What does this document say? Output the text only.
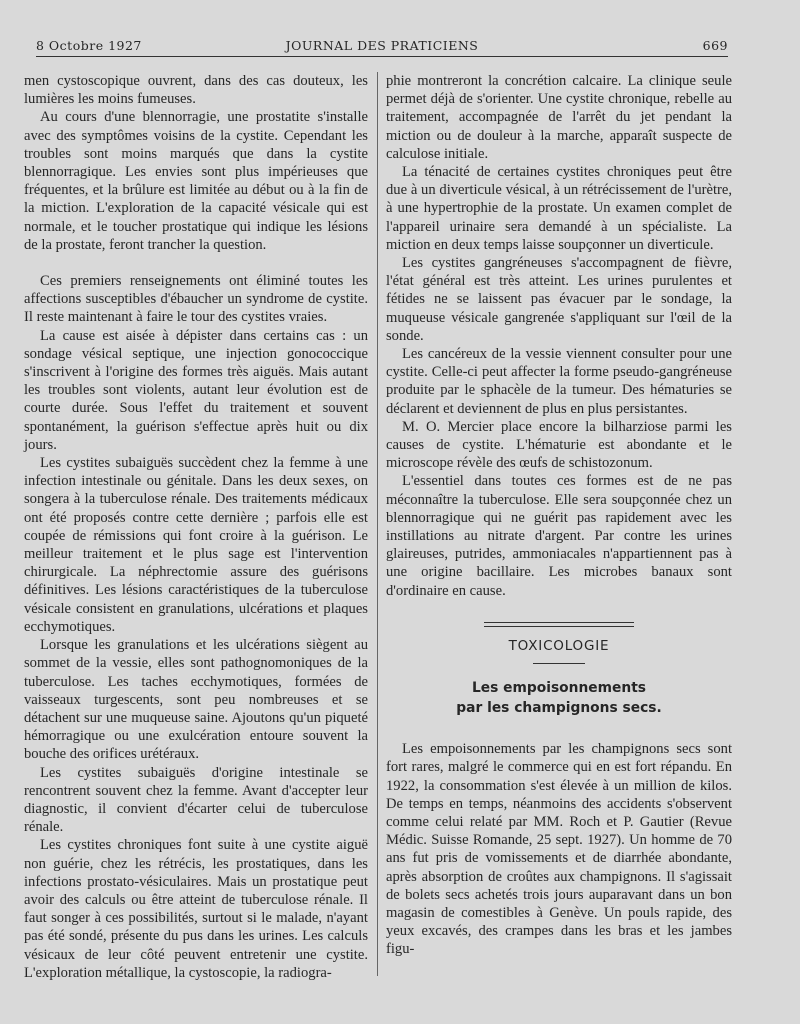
8 Octobre 1927	JOURNAL DES PRATICIENS	669

men cystoscopique ouvrent, dans des cas douteux, les lumières les moins fumeuses.

Au cours d'une blennorragie, une prostatite s'installe avec des symptômes voisins de la cystite. Cependant les troubles sont moins marqués que dans la cystite blennorragique. Les envies sont plus impérieuses que fréquentes, et la brûlure est limitée au début ou à la fin de la miction. L'exploration de la capacité vésicale qui est normale, et le toucher prostatique qui indique les lésions de la prostate, feront trancher la question.

Ces premiers renseignements ont éliminé toutes les affections susceptibles d'ébaucher un syndrome de cystite. Il reste maintenant à faire le tour des cystites vraies.

La cause est aisée à dépister dans certains cas : un sondage vésical septique, une injection gonococcique s'inscrivent à l'origine des formes très aiguës. Mais autant les troubles sont violents, autant leur évolution est de courte durée. Sous l'effet du traitement et souvent spontanément, la guérison s'effectue après huit ou dix jours.

Les cystites subaiguës succèdent chez la femme à une infection intestinale ou génitale. Dans les deux sexes, on songera à la tuberculose rénale. Des traitements médicaux ont été proposés contre cette dernière ; parfois elle est coupée de rémissions qui font croire à la guérison. Le meilleur traitement et le plus sage est l'intervention chirurgicale. La néphrectomie assure des guérisons définitives. Les lésions caractéristiques de la tuberculose vésicale consistent en granulations, ulcérations et plaques ecchymotiques.

Lorsque les granulations et les ulcérations siègent au sommet de la vessie, elles sont pathognomoniques de la tuberculose. Les taches ecchymotiques, formées de vaisseaux turgescents, sont peu nombreuses et se détachent sur une muqueuse saine. Ajoutons qu'un piqueté hémorragique ou une exulcération entoure souvent la bouche des orifices urétéraux.

Les cystites subaiguës d'origine intestinale se rencontrent souvent chez la femme. Avant d'accepter leur diagnostic, il convient d'écarter celui de tuberculose rénale.

Les cystites chroniques font suite à une cystite aiguë non guérie, chez les rétrécis, les prostatiques, dans les infections prostato-vésiculaires. Mais un prostatique peut avoir des calculs ou être atteint de tuberculose rénale. Il faut songer à ces possibilités, surtout si le malade, n'ayant pas été sondé, présente du pus dans les urines. Les calculs vésicaux de leur côté peuvent entretenir une cystite. L'exploration métallique, la cystoscopie, la radiogra-

phie montreront la concrétion calcaire. La clinique seule permet déjà de s'orienter. Une cystite chronique, rebelle au traitement, accompagnée de l'arrêt du jet pendant la miction ou de douleur à la marche, apparaît suspecte de calculose initiale.

La ténacité de certaines cystites chroniques peut être due à un diverticule vésical, à un rétrécissement de l'urètre, à une hypertrophie de la prostate. Un examen complet de l'appareil urinaire sera demandé à un spécialiste. La miction en deux temps laisse soupçonner un diverticule.

Les cystites gangréneuses s'accompagnent de fièvre, l'état général est très atteint. Les urines purulentes et fétides ne se laissent pas évacuer par le sondage, la muqueuse vésicale gangrenée s'appliquant sur l'œil de la sonde.

Les cancéreux de la vessie viennent consulter pour une cystite. Celle-ci peut affecter la forme pseudo-gangréneuse produite par le sphacèle de la tumeur. Des hématuries se déclarent et deviennent de plus en plus persistantes.

M. O. Mercier place encore la bilharziose parmi les causes de cystite. L'hématurie est abondante et le microscope révèle des œufs de schistozonum.

L'essentiel dans toutes ces formes est de ne pas méconnaître la tuberculose. Elle sera soupçonnée chez un blennorragique qui ne guérit pas rapidement avec les instillations au nitrate d'argent. Par contre les urines glaireuses, putrides, ammoniacales n'appartiennent pas à une origine bacillaire. Les microbes banaux sont d'ordinaire en cause.

TOXICOLOGIE
Les empoisonnements
par les champignons secs.

Les empoisonnements par les champignons secs sont fort rares, malgré le commerce qui en est fort répandu. En 1922, la consommation s'est élevée à un million de kilos. De temps en temps, néanmoins des accidents s'observent comme celui relaté par MM. Roch et P. Gautier (Revue Médic. Suisse Romande, 25 sept. 1927). Un homme de 70 ans fut pris de vomissements et de diarrhée abondante, après absorption de croûtes aux champignons. Il s'agissait de bolets secs achetés trois jours auparavant dans un bon magasin de comestibles à Genève. Un pouls rapide, des yeux excavés, des crampes dans les bras et les jambes figu-
